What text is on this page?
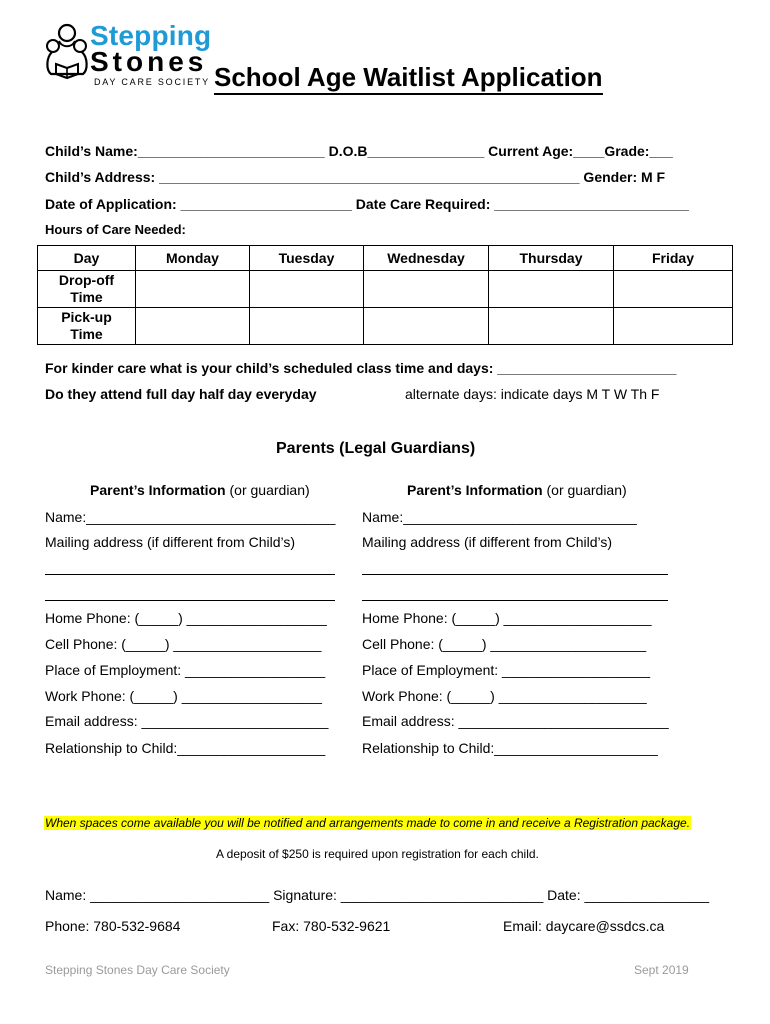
Stepping
Stones
DAY CARE SOCIETY School Age Waitlist Application
Child’s Name:________________________ D.O.B_______________ Current Age:____Grade:___
Child’s Address: ______________________________________________________ Gender: M F
Date of Application: ______________________ Date Care Required: _________________________
Hours of Care Needed:
Day	Monday	Tuesday	Wednesday	Thursday	Friday

Drop-off
Time					

Pick-up
Time					

For kinder care what is your child’s scheduled class time and days: _______________________
Do they attend full day half day everyday	alternate days: indicate days M T W Th F
Parents (Legal Guardians)
Parent’s Information (or guardian)
Name:________________________________
Mailing address (if different from Child’s)
Home Phone: (_____) __________________
Cell Phone: (_____) ___________________
Place of Employment: __________________
Work Phone: (_____) __________________
Email address: ________________________
Relationship to Child:___________________
Parent’s Information (or guardian)
Name:______________________________
Mailing address (if different from Child’s)
Home Phone: (_____) ___________________
Cell Phone: (_____) ____________________
Place of Employment: ___________________
Work Phone: (_____) ___________________
Email address: ___________________________
Relationship to Child:_____________________
When spaces come available you will be notified and arrangements made to come in and receive a Registration package.
A deposit of $250 is required upon registration for each child.
Name: _______________________ Signature: __________________________ Date: ________________
Phone: 780-532-9684	Fax: 780-532-9621	Email: daycare@ssdcs.ca
Stepping Stones Day Care Society	Sept 2019
